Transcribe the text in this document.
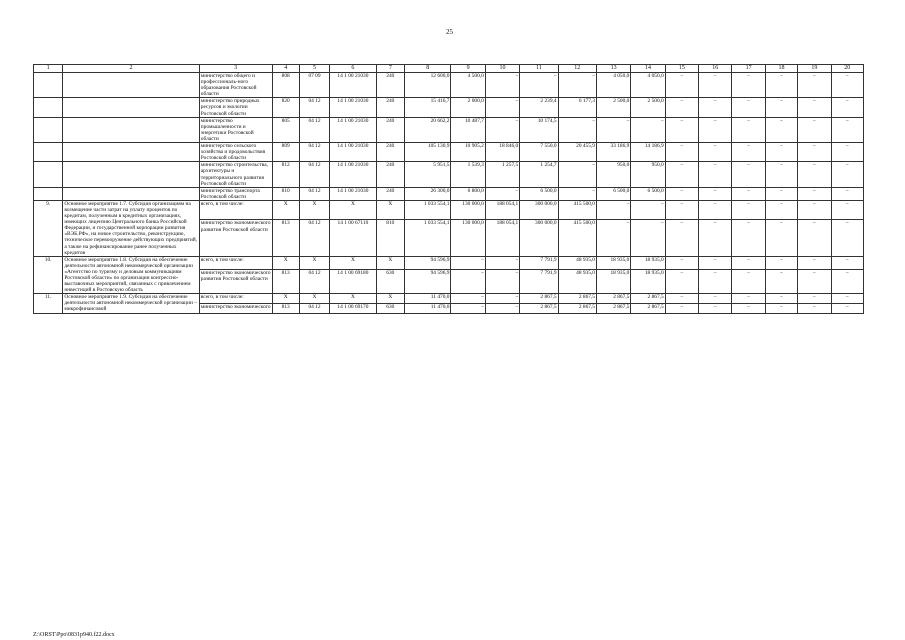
25
1	2	3	4	5	6	7	8	9	10	11	12	13	14	15	16	17	18	19	20
		министерство общего и профессиональ-ного образования Ростовской области	808	07 09	14 1 00 21030	240	12 600,0	4 500,0	–	–	–	4 050,0	4 050,0	–	–	–	–	–	–
		министерство природных ресурсов и экологии Ростовской области	820	04 12	14 1 00 21030	240	15 416,7	2 000,0	–	2 239,4	6 177,3	2 500,0	2 500,0	–	–	–	–	–	–
		министерство промышленности и энергетики Ростовской области	805	04 12	14 1 00 21030	240	20 662,2	10 487,7	–	10 174,5	–	–	–	–	–	–	–	–	–
		министерство сельского хозяйства и продовольствия Ростовской области	809	04 12	14 1 00 21030	240	105 130,9	10 905,2	18 846,0	7 550,0	20 455,9	33 186,9	14 186,9	–	–	–	–	–	–
		министерство строительства, архитектуры и территориального развития Ростовской области	812	04 12	14 1 00 21030	240	5 951,5	1 539,3	1 257,5	1 254,7	–	950,0	950,0	–	–	–	–	–	–
		министерство транспорта Ростовской области	810	04 12	14 1 00 21030	240	26 300,0	6 800,0	–	6 500,0	–	6 500,0	6 500,0	–	–	–	–	–	–
9.	Основное мероприятие 1.7. Субсидия организациям на возмещение части затрат на уплату процентов по кредитам, полученным в кредитных организациях, имеющих лицензию Центрального банка Российской Федерации, и государственной корпорации развития «ВЭБ.РФ», на новое строительство, реконструкцию, техническое перевооружение действующих предприятий, а также на рефинансирование ранее полученных кредитов	всего, в том числе:	Х	Х	Х	Х	1 033 554,1	130 000,0	188 054,1	300 000,0	415 500,0	–	–	–	–	–	–	–	–
		министерство экономического развития Ростовской области	813	04 12	14 1 00 67110	810	1 033 554,1	130 000,0	188 054,1	300 000,0	415 500,0	–	–	–	–	–	–	–	–
10.	Основное мероприятие 1.8. Субсидия на обеспечение деятельности автономной некоммерческой организации «Агентство по туризму и деловым коммуникациям Ростовской области» по организации конгрессно-выставочных мероприятий, связанных с привлечением инвестиций в Ростовскую область	всего, в том числе:	Х	Х	Х	Х	94 596,9	–	–	7 791,9	48 935,0	18 935,0	18 935,0	–	–	–	–	–	–
		министерство экономического развития Ростовской области	813	04 12	14 1 00 69180	630	94 596,9	–	–	7 791,9	48 935,0	18 935,0	18 935,0	–	–	–	–	–	–
11.	Основное мероприятие 1.9. Субсидия на обеспечение деятельности автономной некоммерческой организации – микрофинансовой	всего, в том числе:	Х	Х	Х	Х	11 470,0	–	–	2 867,5	2 867,5	2 867,5	2 867,5	–	–	–	–	–	–
		министерство экономического	813	04 12	14 1 00 69170	630	11 470,0	–	–	2 867,5	2 867,5	2 867,5	2 867,5	–	–	–	–	–	–
Z:\ORST\Ppo\0831p940.f22.docx
